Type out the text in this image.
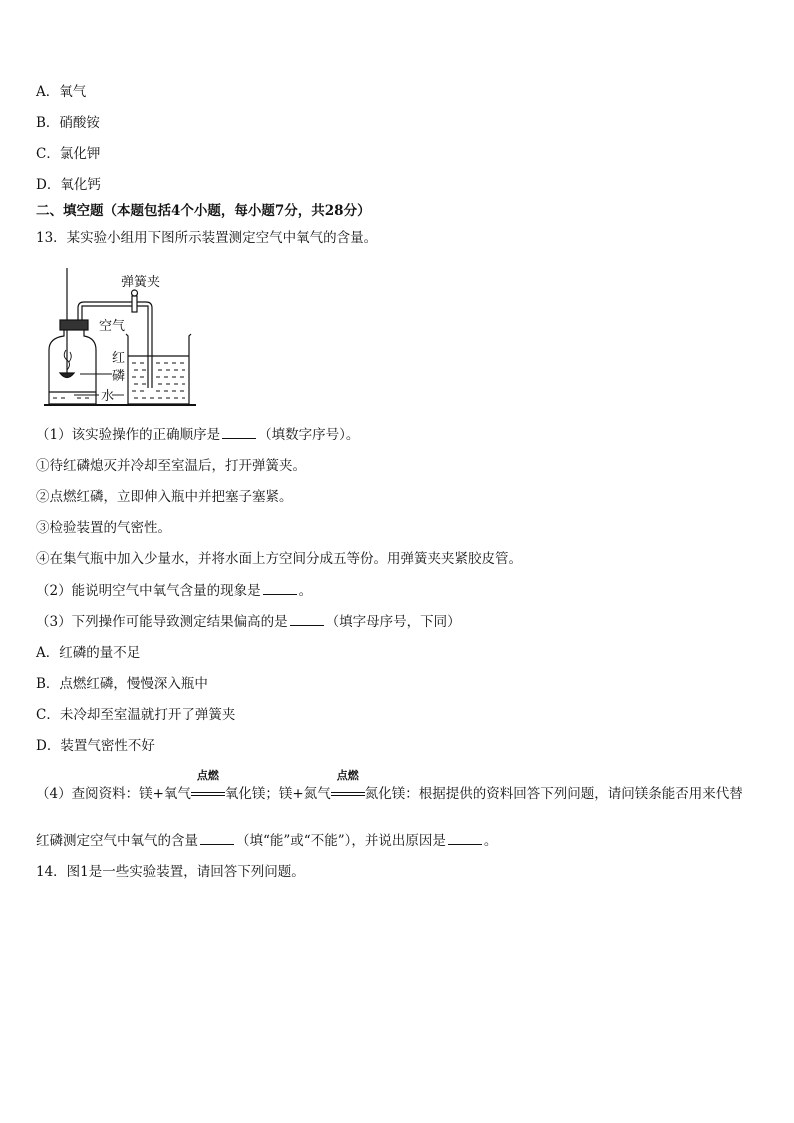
A．氧气
B．硝酸铵
C．氯化钾
D．氧化钙
二、填空题（本题包括4个小题，每小题7分，共28分）
13．某实验小组用下图所示装置测定空气中氧气的含量。
弹簧夹
空气
红
磷
水
（1）该实验操作的正确顺序是	（填数字序号）。
①待红磷熄灭并冷却至室温后，打开弹簧夹。
②点燃红磷，立即伸入瓶中并把塞子塞紧。
③检验装置的气密性。
④在集气瓶中加入少量水，并将水面上方空间分成五等份。用弹簧夹夹紧胶皮管。
（2）能说明空气中氧气含量的现象是	。
（3）下列操作可能导致测定结果偏高的是	（填字母序号，下同）
A．红磷的量不足
B．点燃红磷，慢慢深入瓶中
C．未冷却至室温就打开了弹簧夹
D．装置气密性不好
（4）查阅资料：镁+氧气
点燃
氧化镁；镁+氮气
点燃
氮化镁：根据提供的资料回答下列问题，请问镁条能否用来代替
红磷测定空气中氧气的含量	（填“能”或“不能”），并说出原因是	。
14．图1是一些实验装置，请回答下列问题。
